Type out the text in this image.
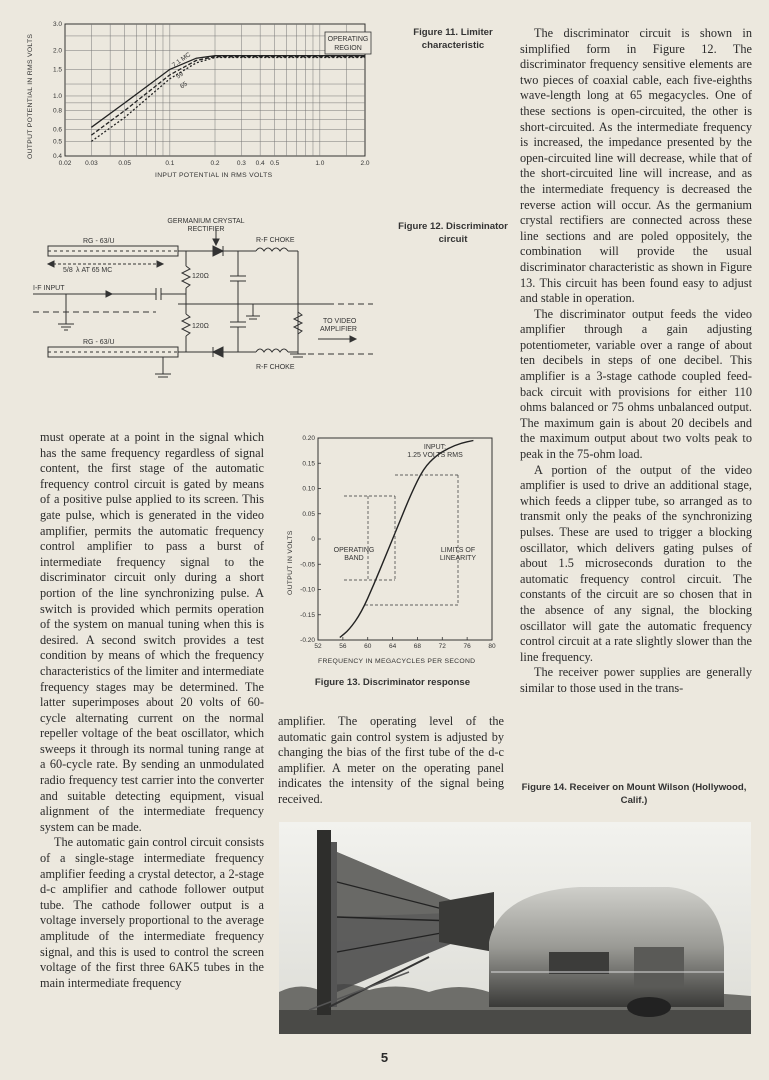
0.02 0.03	0.05	0.1	0.2	0.3 0.4 0.5	1.0	2.0
3.0
2.0
1.5
1.0
0.8
0.6
0.5
0.4
7.1 MC
59
65
OUTPUT POTENTIAL IN RMS VOLTS
INPUT POTENTIAL IN RMS VOLTS
OPERATING
REGION
Figure 11. Limiter characteristic
GERMANIUM CRYSTAL
RECTIFIER
R-F CHOKE
R-F CHOKE
RG - 63/U
RG - 63/U
5/8 λ AT 65 MC
I-F INPUT
120Ω
120Ω
TO VIDEO
AMPLIFIER
Figure 12. Discriminator circuit

must operate at a point in the signal which has the same frequency regardless of signal content, the first stage of the automatic frequency control circuit is gated by means of a positive pulse applied to its screen. This gate pulse, which is generated in the video amplifier, permits the automatic frequency control amplifier to pass a burst of intermediate frequency signal to the discriminator circuit only during a short portion of the line synchronizing pulse. A switch is provided which permits operation of the system on manual tuning when this is desired. A second switch provides a test condition by means of which the frequency characteristics of the limiter and intermediate frequency stages may be determined. The latter superimposes about 20 volts of 60-cycle alternating current on the normal repeller voltage of the beat oscillator, which sweeps it through its normal tuning range at a 60-cycle rate. By sending an unmodulated radio frequency test carrier into the converter and suitable detecting equipment, visual alignment of the intermediate frequency system can be made.

The automatic gain control circuit consists of a single-stage intermediate frequency amplifier feeding a crystal detector, a 2-stage d-c amplifier and cathode follower output tube. The cathode follower output is a voltage inversely proportional to the average amplitude of the intermediate frequency signal, and this is used to control the screen voltage of the first three 6AK5 tubes in the main intermediate frequency

52	56	60	64	68	72	76	80
0.20
0.15
0.10
0.05
0
-0.05
-0.10
-0.15
-0.20
INPUT:
1.25 VOLTS RMS
OPERATING
BAND
LIMITS OF
LINEARITY
OUTPUT IN VOLTS
FREQUENCY IN MEGACYCLES PER SECOND
Figure 13. Discriminator response

amplifier. The operating level of the automatic gain control system is adjusted by changing the bias of the first tube of the d-c amplifier. A meter on the operating panel indicates the intensity of the signal being received.

The discriminator circuit is shown in simplified form in Figure 12. The discriminator frequency sensitive elements are two pieces of coaxial cable, each five-eighths wave-length long at 65 megacycles. One of these sections is open-circuited, the other is short-circuited. As the intermediate frequency is increased, the impedance presented by the open-circuited line will decrease, while that of the short-circuited line will increase, and as the intermediate frequency is decreased the reverse action will occur. As the germanium crystal rectifiers are connected across these line sections and are poled oppositely, the combination will provide the usual discriminator characteristic as shown in Figure 13. This circuit has been found easy to adjust and stable in operation.

The discriminator output feeds the video amplifier through a gain adjusting potentiometer, variable over a range of about ten decibels in steps of one decibel. This amplifier is a 3-stage cathode coupled feed-back circuit with provisions for either 110 ohms balanced or 75 ohms unbalanced output. The maximum gain is about 20 decibels and the maximum output about two volts peak to peak in the 75-ohm load.

A portion of the output of the video amplifier is used to drive an additional stage, which feeds a clipper tube, so arranged as to transmit only the peaks of the synchronizing pulses. These are used to trigger a blocking oscillator, which delivers gating pulses of about 1.5 microseconds duration to the automatic frequency control circuit. The constants of the circuit are so chosen that in the absence of any signal, the blocking oscillator will gate the automatic frequency control circuit at a rate slightly slower than the line frequency.

The receiver power supplies are generally similar to those used in the trans-

Figure 14. Receiver on Mount Wilson (Hollywood, Calif.)
5
